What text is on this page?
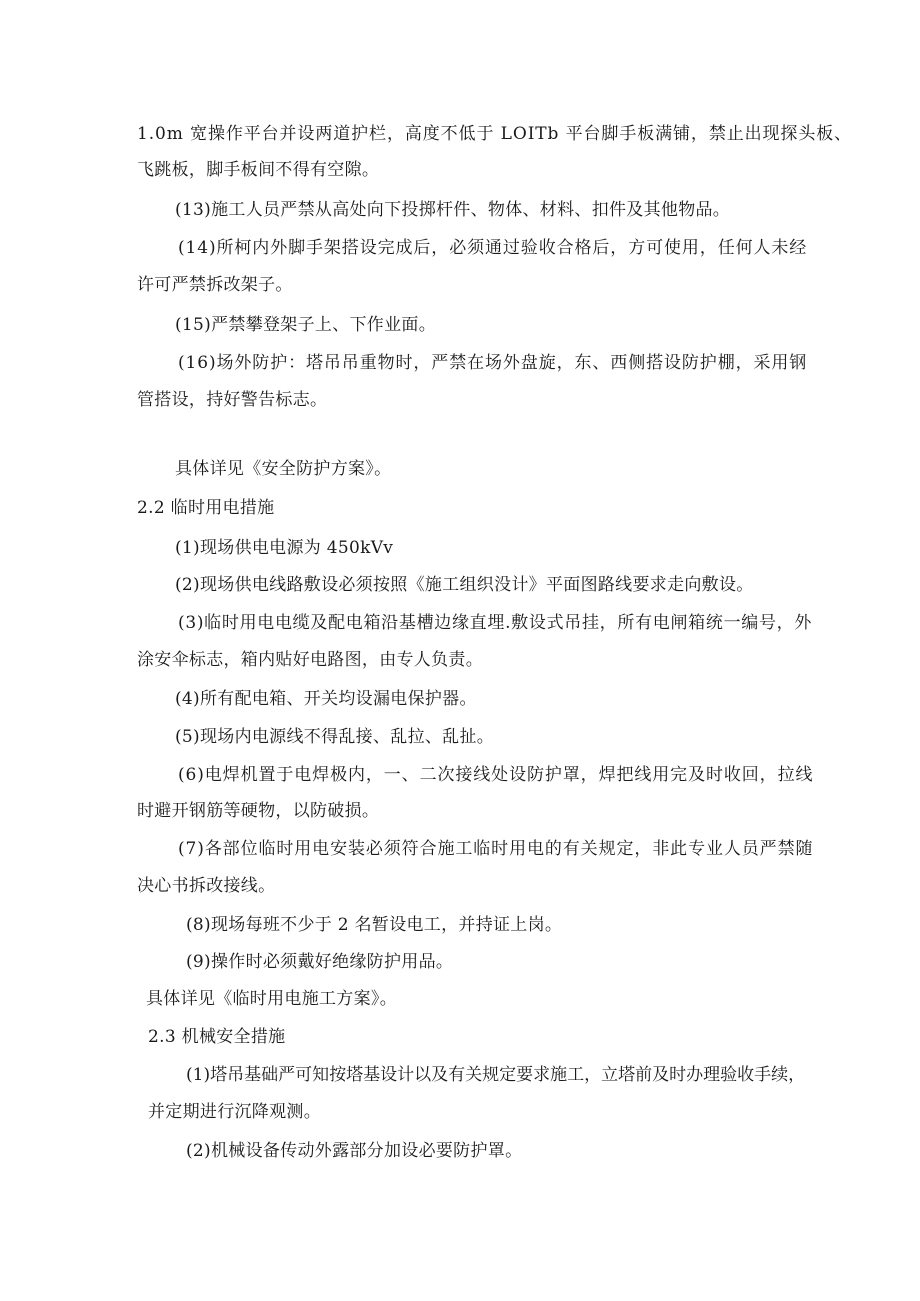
1.0m 宽操作平台并设两道护栏，高度不低于 LOITb 平台脚手板满铺，禁止出现探头板、

飞跳板，脚手板间不得有空隙。

(13)施工人员严禁从高处向下投掷杆件、物体、材料、扣件及其他物品。

(14)所柯内外脚手架搭设完成后，必须通过验收合格后，方可使用，任何人未经

许可严禁拆改架子。

(15)严禁攀登架子上、下作业面。

(16)场外防护：塔吊吊重物时，严禁在场外盘旋，东、西侧搭设防护棚，采用钢

管搭设，持好警告标志。

具体详见《安全防护方案》。

2.2 临时用电措施

(1)现场供电电源为 450kVv

(2)现场供电线路敷设必须按照《施工组织没计》平面图路线要求走向敷设。

(3)临时用电电缆及配电箱沿基槽边缘直埋.敷设式吊挂，所有电闸箱统一编号，外

涂安伞标志，箱内贴好电路图，由专人负责。

(4)所有配电箱、开关均设漏电保护器。

(5)现场内电源线不得乱接、乱拉、乱扯。

(6)电焊机置于电焊极内，一、二次接线处设防护罩，焊把线用完及时收回，拉线

时避开钢筋等硬物，以防破损。

(7)各部位临时用电安装必须符合施工临时用电的有关规定，非此专业人员严禁随

决心书拆改接线。

(8)现场每班不少于 2 名暂设电工，并持证上岗。

(9)操作时必须戴好绝缘防护用品。

具体详见《临时用电施工方案》。

2.3 机械安全措施

(1)塔吊基础严可知按塔基设计以及有关规定要求施工，立塔前及时办理验收手续，

并定期进行沉降观测。

(2)机械设备传动外露部分加设必要防护罩。
